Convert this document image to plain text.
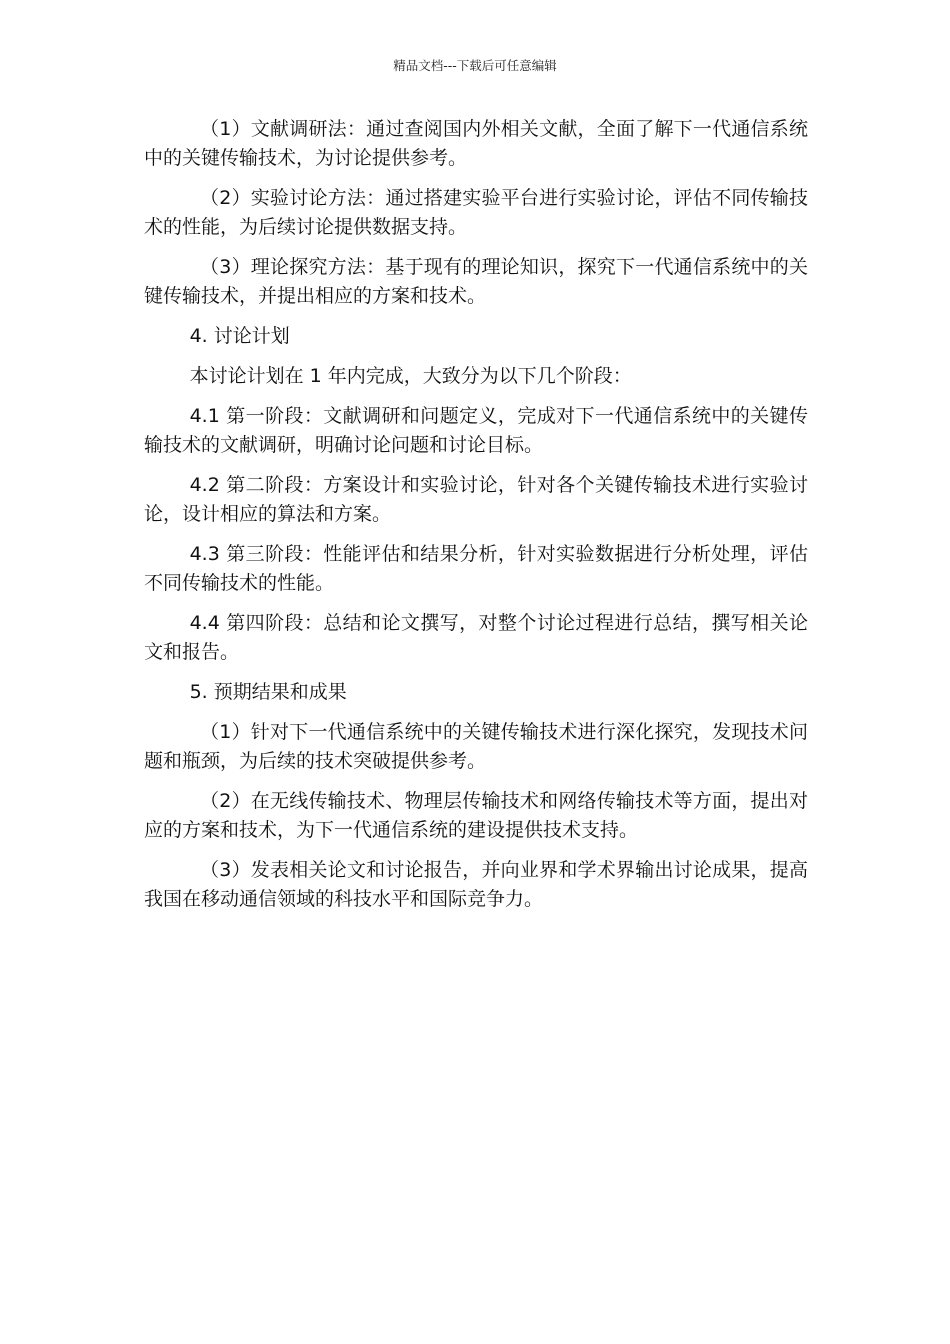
精品文档---下载后可任意编辑

（1）文献调研法：通过查阅国内外相关文献，全面了解下一代通信系统中的关键传输技术，为讨论提供参考。

（2）实验讨论方法：通过搭建实验平台进行实验讨论，评估不同传输技术的性能，为后续讨论提供数据支持。

（3）理论探究方法：基于现有的理论知识，探究下一代通信系统中的关键传输技术，并提出相应的方案和技术。

4. 讨论计划

本讨论计划在 1 年内完成，大致分为以下几个阶段：

4.1 第一阶段：文献调研和问题定义，完成对下一代通信系统中的关键传输技术的文献调研，明确讨论问题和讨论目标。

4.2 第二阶段：方案设计和实验讨论，针对各个关键传输技术进行实验讨论，设计相应的算法和方案。

4.3 第三阶段：性能评估和结果分析，针对实验数据进行分析处理，评估不同传输技术的性能。

4.4 第四阶段：总结和论文撰写，对整个讨论过程进行总结，撰写相关论文和报告。

5. 预期结果和成果

（1）针对下一代通信系统中的关键传输技术进行深化探究，发现技术问题和瓶颈，为后续的技术突破提供参考。

（2）在无线传输技术、物理层传输技术和网络传输技术等方面，提出对应的方案和技术，为下一代通信系统的建设提供技术支持。

（3）发表相关论文和讨论报告，并向业界和学术界输出讨论成果，提高我国在移动通信领域的科技水平和国际竞争力。
